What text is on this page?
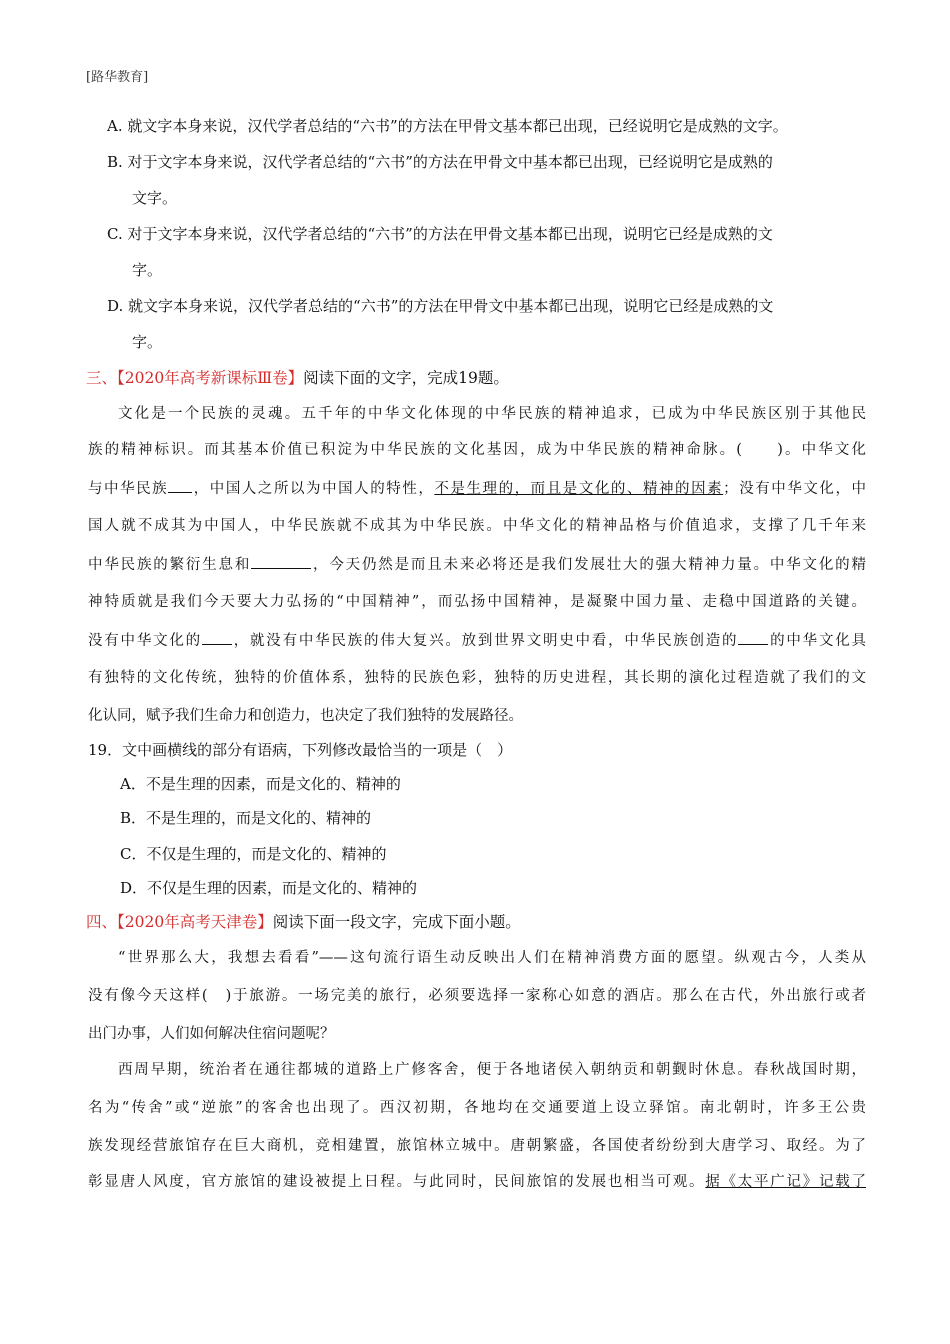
[路华教育]
A. 就文字本身来说，汉代学者总结的“六书”的方法在甲骨文基本都已出现，已经说明它是成熟的文字。
B. 对于文字本身来说，汉代学者总结的“六书”的方法在甲骨文中基本都已出现，已经说明它是成熟的
文字。
C. 对于文字本身来说，汉代学者总结的“六书”的方法在甲骨文基本都已出现，说明它已经是成熟的文
字。
D. 就文字本身来说，汉代学者总结的“六书”的方法在甲骨文中基本都已出现，说明它已经是成熟的文
字。
三、【2020年高考新课标Ⅲ卷】阅读下面的文字，完成19题。
文化是一个民族的灵魂。五千年的中华文化体现的中华民族的精神追求，已成为中华民族区别于其他民
族的精神标识。而其基本价值已积淀为中华民族的文化基因，成为中华民族的精神命脉。(　　)。中华文化
与中华民族 ，中国人之所以为中国人的特性，不是生理的，而且是文化的、精神的因素；没有中华文化，中
国人就不成其为中国人，中华民族就不成其为中华民族。中华文化的精神品格与价值追求，支撑了几千年来
中华民族的繁衍生息和	，今天仍然是而且未来必将还是我们发展壮大的强大精神力量。中华文化的精
神特质就是我们今天要大力弘扬的“中国精神”，而弘扬中国精神，是凝聚中国力量、走稳中国道路的关键。
没有中华文化的 ，就没有中华民族的伟大复兴。放到世界文明史中看，中华民族创造的 的中华文化具
有独特的文化传统，独特的价值体系，独特的民族色彩，独特的历史进程，其长期的演化过程造就了我们的文
化认同，赋予我们生命力和创造力，也决定了我们独特的发展路径。
19．文中画横线的部分有语病，下列修改最恰当的一项是（　）
A．不是生理的因素，而是文化的、精神的
B．不是生理的，而是文化的、精神的
C．不仅是生理的，而是文化的、精神的
D．不仅是生理的因素，而是文化的、精神的
四、【2020年高考天津卷】阅读下面一段文字，完成下面小题。
“世界那么大，我想去看看”——这句流行语生动反映出人们在精神消费方面的愿望。纵观古今，人类从
没有像今天这样(　)于旅游。一场完美的旅行，必须要选择一家称心如意的酒店。那么在古代，外出旅行或者
出门办事，人们如何解决住宿问题呢？
西周早期，统治者在通往都城的道路上广修客舍，便于各地诸侯入朝纳贡和朝觐时休息。春秋战国时期，
名为“传舍”或“逆旅”的客舍也出现了。西汉初期，各地均在交通要道上设立驿馆。南北朝时，许多王公贵
族发现经营旅馆存在巨大商机，竞相建置，旅馆林立城中。唐朝繁盛，各国使者纷纷到大唐学习、取经。为了
彰显唐人风度，官方旅馆的建设被提上日程。与此同时，民间旅馆的发展也相当可观。据《太平广记》记载了
